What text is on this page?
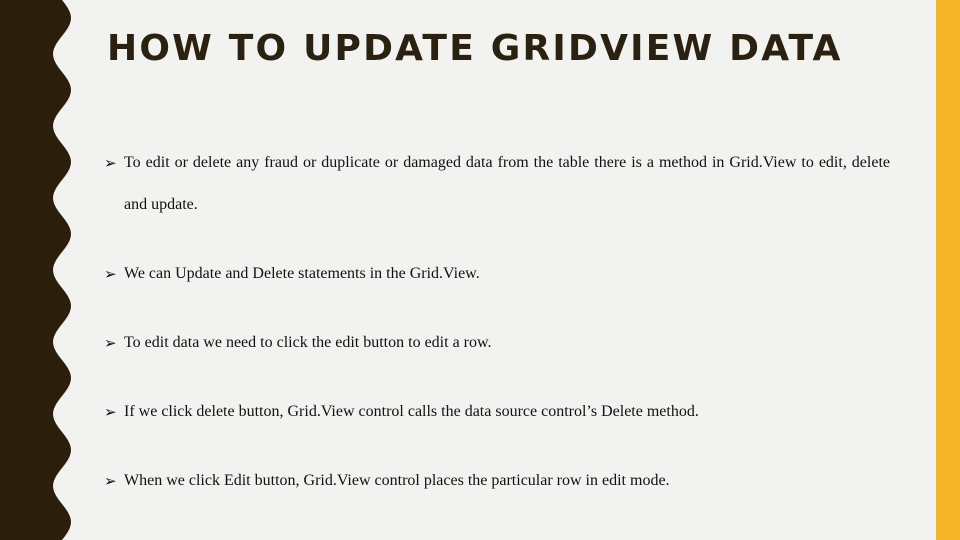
HOW TO UPDATE GRIDVIEW DATA
➢ To edit or delete any fraud or duplicate or damaged data from the table there is a method in Grid.View to edit, delete and update.
➢ We can Update and Delete statements in the Grid.View.
➢ To edit data we need to click the edit button to edit a row.
➢ If we click delete button, Grid.View control calls the data source control’s Delete method.
➢ When we click Edit button, Grid.View control places the particular row in edit mode.
